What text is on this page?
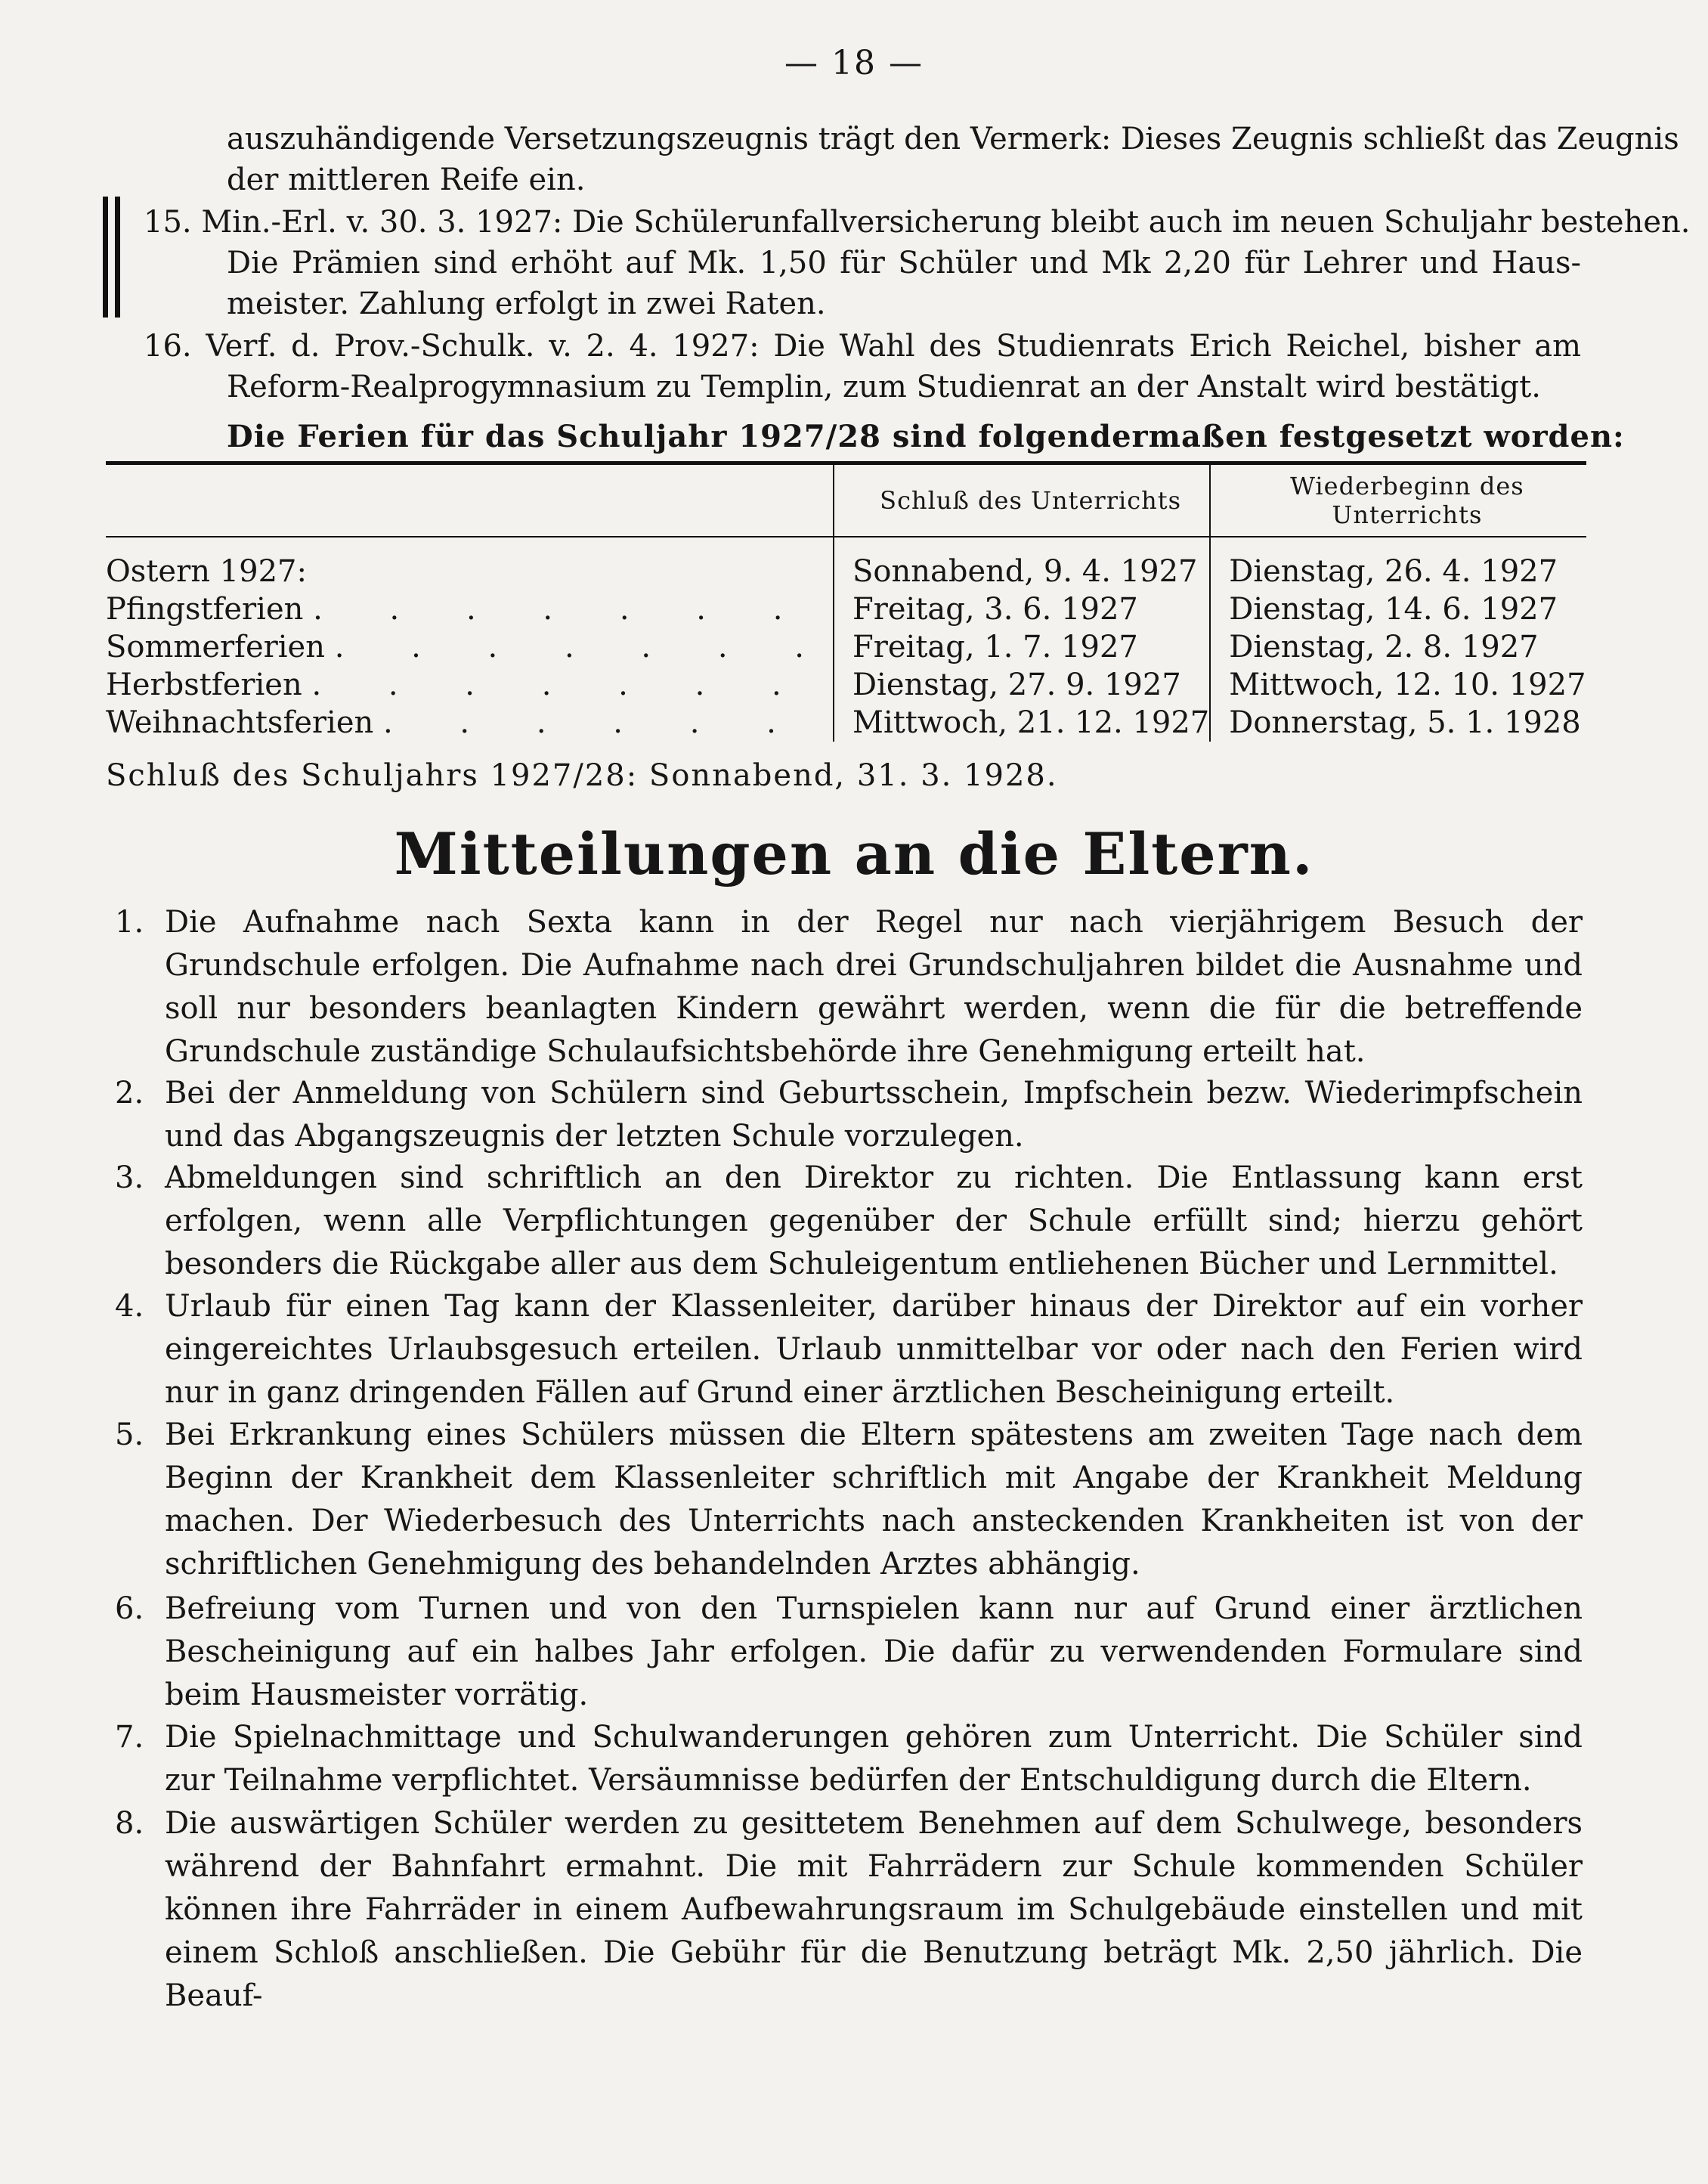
— 18 —
auszuhändigende Versetzungszeugnis trägt den Vermerk: Dieses Zeugnis schließt das Zeugnis
der mittleren Reife ein.
15. Min.-Erl. v. 30. 3. 1927: Die Schülerunfallversicherung bleibt auch im neuen Schuljahr bestehen.
Die Prämien sind erhöht auf Mk. 1,50 für Schüler und Mk 2,20 für Lehrer und Haus-
meister. Zahlung erfolgt in zwei Raten.
16. Verf. d. Prov.-Schulk. v. 2. 4. 1927: Die Wahl des Studienrats Erich Reichel, bisher am
Reform-Realprogymnasium zu Templin, zum Studienrat an der Anstalt wird bestätigt.
Die Ferien für das Schuljahr 1927/28 sind folgendermaßen festgesetzt worden:
	Schluß des Unterrichts	Wiederbeginn des Unterrichts
Ostern 1927:	Sonnabend, 9. 4. 1927	Dienstag, 26. 4. 1927
Pfingstferien . . . . . . .	Freitag, 3. 6. 1927	Dienstag, 14. 6. 1927
Sommerferien . . . . . . .	Freitag, 1. 7. 1927	Dienstag, 2. 8. 1927
Herbstferien . . . . . . .	Dienstag, 27. 9. 1927	Mittwoch, 12. 10. 1927
Weihnachtsferien . . . . . .	Mittwoch, 21. 12. 1927	Donnerstag, 5. 1. 1928
Schluß des Schuljahrs 1927/28: Sonnabend, 31. 3. 1928.
Mitteilungen an die Eltern.
1. Die Aufnahme nach Sexta kann in der Regel nur nach vierjährigem Besuch der Grundschule erfolgen. Die Aufnahme nach drei Grundschuljahren bildet die Ausnahme und soll nur besonders beanlagten Kindern gewährt werden, wenn die für die betreffende Grundschule zuständige Schulaufsichtsbehörde ihre Genehmigung erteilt hat.
2. Bei der Anmeldung von Schülern sind Geburtsschein, Impfschein bezw. Wiederimpfschein und das Abgangszeugnis der letzten Schule vorzulegen.
3. Abmeldungen sind schriftlich an den Direktor zu richten. Die Entlassung kann erst erfolgen, wenn alle Verpflichtungen gegenüber der Schule erfüllt sind; hierzu gehört besonders die Rückgabe aller aus dem Schuleigentum entliehenen Bücher und Lernmittel.
4. Urlaub für einen Tag kann der Klassenleiter, darüber hinaus der Direktor auf ein vorher eingereichtes Urlaubsgesuch erteilen. Urlaub unmittelbar vor oder nach den Ferien wird nur in ganz dringenden Fällen auf Grund einer ärztlichen Bescheinigung erteilt.
5. Bei Erkrankung eines Schülers müssen die Eltern spätestens am zweiten Tage nach dem Beginn der Krankheit dem Klassenleiter schriftlich mit Angabe der Krankheit Meldung machen. Der Wiederbesuch des Unterrichts nach ansteckenden Krankheiten ist von der schriftlichen Genehmigung des behandelnden Arztes abhängig.
6. Befreiung vom Turnen und von den Turnspielen kann nur auf Grund einer ärztlichen Bescheinigung auf ein halbes Jahr erfolgen. Die dafür zu verwendenden Formulare sind beim Hausmeister vorrätig.
7. Die Spielnachmittage und Schulwanderungen gehören zum Unterricht. Die Schüler sind zur Teilnahme verpflichtet. Versäumnisse bedürfen der Entschuldigung durch die Eltern.
8. Die auswärtigen Schüler werden zu gesittetem Benehmen auf dem Schulwege, besonders während der Bahnfahrt ermahnt. Die mit Fahrrädern zur Schule kommenden Schüler können ihre Fahrräder in einem Aufbewahrungsraum im Schulgebäude einstellen und mit einem Schloß anschließen. Die Gebühr für die Benutzung beträgt Mk. 2,50 jährlich. Die Beauf-
